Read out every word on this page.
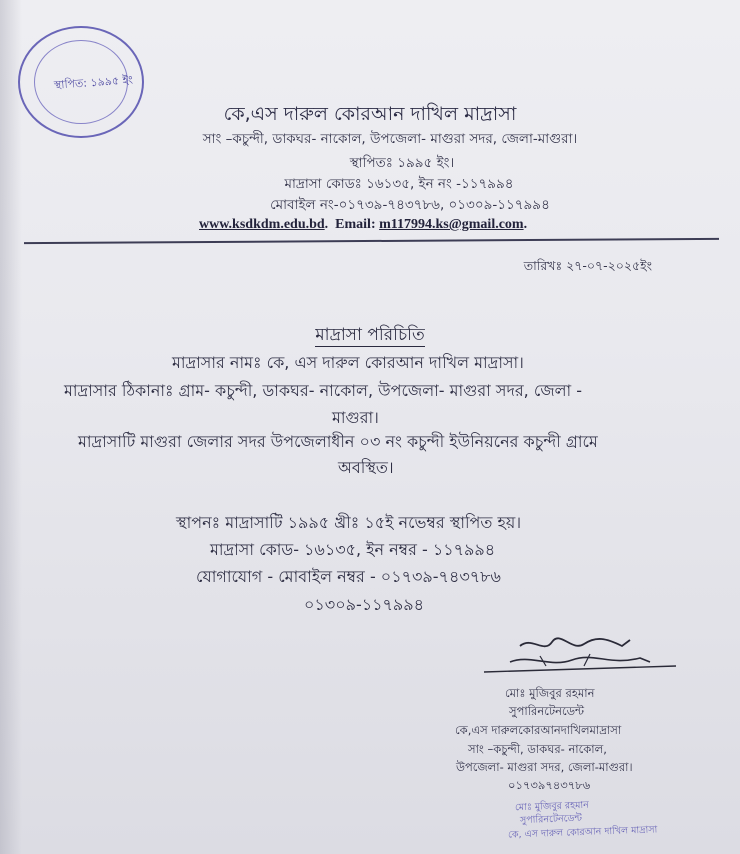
স্থাপিত: ১৯৯৫ ইং
কে,এস দারুল কোরআন দাখিল মাদ্রাসা
সাং –কচুন্দী, ডাকঘর- নাকোল, উপজেলা- মাগুরা সদর, জেলা-মাগুরা।
স্থাপিতঃ ১৯৯৫ ইং।
মাদ্রাসা কোডঃ ১৬১৩৫, ইন নং -১১৭৯৯৪
মোবাইল নং-০১৭৩৯-৭৪৩৭৮৬, ০১৩০৯-১১৭৯৯৪
www.ksdkdm.edu.bd.  Email: m117994.ks@gmail.com.
তারিখঃ ২৭-০৭-২০২৫ইং
মাদ্রাসা পরিচিতি
মাদ্রাসার নামঃ কে, এস দারুল কোরআন দাখিল মাদ্রাসা।
মাদ্রাসার ঠিকানাঃ গ্রাম- কচুন্দী, ডাকঘর- নাকোল, উপজেলা- মাগুরা সদর, জেলা -
মাগুরা।
মাদ্রাসাটি মাগুরা জেলার সদর উপজেলাধীন ০৩ নং কচুন্দী ইউনিয়নের কচুন্দী গ্রামে
অবস্থিত।
স্থাপনঃ মাদ্রাসাটি ১৯৯৫ খ্রীঃ ১৫ই নভেম্বর স্থাপিত হয়।
মাদ্রাসা কোড- ১৬১৩৫, ইন নম্বর - ১১৭৯৯৪
যোগাযোগ - মোবাইল নম্বর - ০১৭৩৯-৭৪৩৭৮৬
০১৩০৯-১১৭৯৯৪
মোঃ মুজিবুর রহমান
সুপারিনটেনডেন্ট
কে,এস দারুলকোরআনদাখিলমাদ্রাসা
সাং –কচুন্দী, ডাকঘর- নাকোল,
উপজেলা- মাগুরা সদর, জেলা-মাগুরা।
০১৭৩৯৭৪৩৭৮৬
মোঃ মুজিবুর রহমান
সুপারিনটেনডেন্ট
কে, এস দারুল কোরআন দাখিল মাদ্রাসা
